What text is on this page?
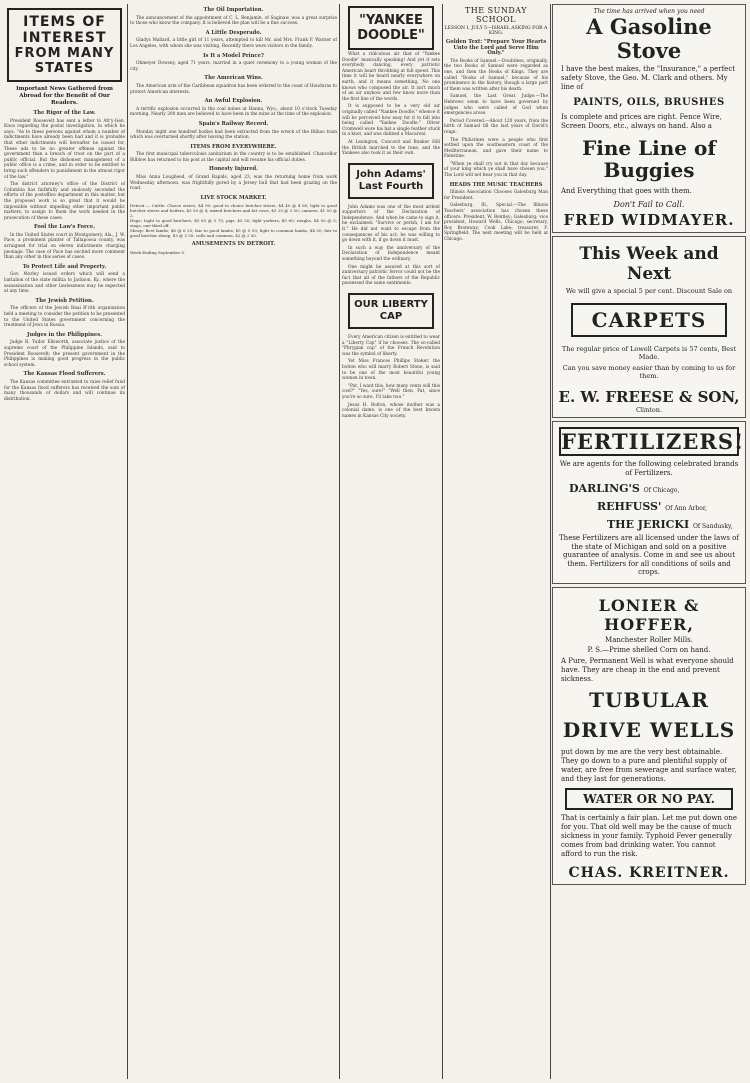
ITEMS OF INTEREST
FROM MANY STATES
Important News Gathered from Abroad for the Benefit of Our Readers.
The Rigor of the Law.

President Roosevelt has sent a letter to Att'y-Gen. Knox regarding the postal investigation, in which he says: "As to these persons against whom a number of indictments have already been had and it is probable that other indictments will hereafter be issued for, These ads to be no greater offense against the government than a breach of trust on the part of a public official. But the dishonest management of a public office is a crime, and in order to be entitled to bring such offenders to punishment in the utmost rigor of the law."

The district attorney's office of the District of Columbia has faithfully and zealously seconded the efforts of the postoffice department in this matter, but the proposed work is so great that it would be impossible without impeding other important public matters, to assign to them the work needed in the prosecution of these cases.

Fool the Law's Force.

In the United States court in Montgomery, Ala., J. W. Pace, a prominent planter of Tallapoosa county, was arraigned for trial on eleven indictments charging peonage. The case of Pace has excited more comment than any other in this series of cases.

To Protect Life and Property.

Gov. Morley issued orders which will send a battalion of the state militia to Jackson, Ky., where the assassination and other lawlessness may be expected at any time.

The Jewish Petition.

The officers of the Jewish Bnai B'rith organization held a meeting to consider the petition to be presented to the United States government concerning the treatment of Jews in Russia.

Judges in the Philippines.

Judge R. Tudor Ellsworth, associate justice of the supreme court of the Philippine Islands, said to President Roosevelt: the present government in the Philippines is making good progress in the public school system.

The Kansas Flood Sufferers.

The Kansas committee entrusted to raise relief fund for the Kansas flood sufferers has received the sum of many thousands of dollars and will continue its distribution.

The Oil Importation.

The announcement of the appointment of C. L. Benjamin, of Saginaw, was a great surprise to those who know the company. It is believed the plan will be a fine success.

A Little Desperado.

Gladys Mallard, a little girl of 11 years, attempted to kill Mr. and Mrs. Frank F. Warner of Los Angeles, with whom she was visiting. Recently there were visitors in the family.

Is It a Model Prince?

Ohmeyer Dowsny, aged 71 years, married in a quiet ceremony to a young woman of the city.

The American Wins.

The American arm of the Caribbean squadron has been ordered to the coast of Honduras to protect American interests.

An Awful Explosion.

A terrific explosion occurred in the coal mines at Hanna, Wyo., about 10 o'clock Tuesday morning. Nearly 200 men are believed to have been in the mine at the time of the explosion.

Spain's Railway Record.

Monday night one hundred bodies had been extracted from the wreck of the Bilbao train which was overturned shortly after leaving the station.

ITEMS FROM EVERYWHERE.

The first municipal tuberculosis sanitarium in the country is to be established. Chancellor Bilblow has returned to his post at the capital and will resume his official duties.

Honesty Injured.

Miss Anna Lougheed, of Grand Rapids, aged 23, was the returning home from work Wednesday afternoon, was frightfully gored by a Jersey bull that had been grazing on the road.

LIVE STOCK MARKET.
Detroit — Cattle: Choice steers, $4 90; good to choice butcher steers, $4 40 @ 4 65; light to good butcher steers and heifers, $3 50 @ 4; mixed butchers and fat cows, $3 25 @ 3 50; canners, $1 50 @ 2.
Hogs: Light to good butchers, $5 65 @ 5 75; pigs, $5 50; light yorkers, $5 60; roughs, $4 50 @ 5; stags, one-third off.
Sheep: Best lambs, $6 @ 6 25; fair to good lambs, $5 @ 5 50; light to common lambs, $4 50; fair to good butcher sheep, $3 @ 3 50; culls and common, $2 @ 2 50.
AMUSEMENTS IN DETROIT.
Week Ending September 5.
"YANKEE DOODLE"

What a ridiculous air that of "Yankee Doodle" musically speaking! And yet it sets everybody dancing, every patriotic American heart throbbing at full speed. This time it will be heard nearly everywhere on earth, and it means something. No one knows who composed the air. It isn't much of an air anyhow and few know more than the first line of the words.

It is supposed to be a very old air originally called "Nankee Doodle," whence it will be perceived how easy for it to fall into being called "Yankee Doodle." Oliver Cromwell wore his hat a single feather stuck in a knot, and was dubbed a Macaroni.

At Lexington, Concord and Bunker Hill the British marched to the tune, and the Yankees also took it as their own.

John Adams' Last Fourth

John Adams was one of the most ardent supporters of the Declaration of Independence. And when he came to sign it, he exclaimed: "Survive or perish, I am for it." He did not want to escape from the consequences of his act; he was willing to go down with it, if go down it must.

In such a way the anniversary of the Declaration of Independence meant something beyond the ordinary.

One might be assured at this sort of anniversary patriotic fervor could not be the fact that all of the fathers of the Republic possessed the same sentiments.

OUR LIBERTY CAP

Every American citizen is entitled to wear a "Liberty Cap" if he chooses. The so-called "Phrygian cap" of the French Revolution was the symbol of liberty.

Yet Miss Frances Phillips Stoker, the bolton who will marry Robert Stone, is said to be one of the most beautiful young women in town.

"Pat, I want this, how many cents will this cost?" "Yes, sure!" "Well then, Pat, since you're so sure, I'll take two."

Jesus H. Bolton, whose mother was a colonial dame, is one of the best known names in Kansas City society.

THE SUNDAY SCHOOL
LESSON I, JULY 5—ISRAEL ASKING FOR A KING.
Golden Text: "Prepare Your Hearts Unto the Lord and Serve Him Only."

The Books of Samuel.—Doubtless, originally, the two Books of Samuel were regarded as one, and then the Books of Kings. They are called "Books of Samuel," because of his prominence in the history, though a large part of them was written after his death.

Samuel, the Last Great Judge.—The Hebrews seem to have been governed by judges who were called of God when emergencies arose.

Period Covered.—About 120 years, from the birth of Samuel till the last years of David's reign.

The Philistines were a people who first settled upon the southeastern coast of the Mediterranean, and gave their name to Palestine.

"When ye shall cry out in that day because of your king which ye shall have chosen you." The Lord will not hear you in that day.

HEADS THE MUSIC TEACHERS

Illinois Association Chooses Galesburg Man for President.

Galesburg, Ill., Special.—The Illinois Teachers' association has chosen these officers: President, W. Bentley; Galesburg; vice president, Howard Wells, Chicago; secretary, Roy Bromway; Cook Lake; treasurer, F. Springfield. The next meeting will be held at Chicago.

The time has arrived when you need
A Gasoline Stove
I have the best makes, the "Insurance," a perfect safety Stove, the Geo. M. Clark and others. My line of
PAINTS, OILS, BRUSHES
Is complete and prices are right. Fence Wire, Screen Doors, etc., always on hand. Also a
Fine Line of Buggies
And Everything that goes with them.
Don't Fail to Call.
FRED WIDMAYER.
This Week and Next
We will give a special 5 per cent. Discount Sale on
CARPETS
The regular price of Lowell Carpets is 57 cents, Best Made.
Can you save money easier than by coming to us for them.
E. W. FREESE & SON,
Clinton.
FERTILIZERS!
We are agents for the following celebrated brands of Fertilizers.
DARLING'S Of Chicago,
REHFUSS' Of Ann Arbor,
THE JERICKI Of Sandusky,
These Fertilizers are all licensed under the laws of the state of Michigan and sold on a positive guarantee of analysis. Come in and see us about them. Fertilizers for all conditions of soils and crops.
LONIER & HOFFER,
Manchester Roller Mills.
P. S.—Prime shelled Corn on hand.
A Pure, Permanent Well is what everyone should have. They are cheap in the end and prevent sickness.
TUBULAR
DRIVE WELLS
put down by me are the very best obtainable. They go down to a pure and plentiful supply of water, are free from sewerage and surface water, and they last for generations.
WATER OR NO PAY.
That is certainly a fair plan. Let me put down one for you. That old well may be the cause of much sickness in your family. Typhoid Fever generally comes from bad drinking water. You cannot afford to run the risk.
CHAS. KREITNER.
